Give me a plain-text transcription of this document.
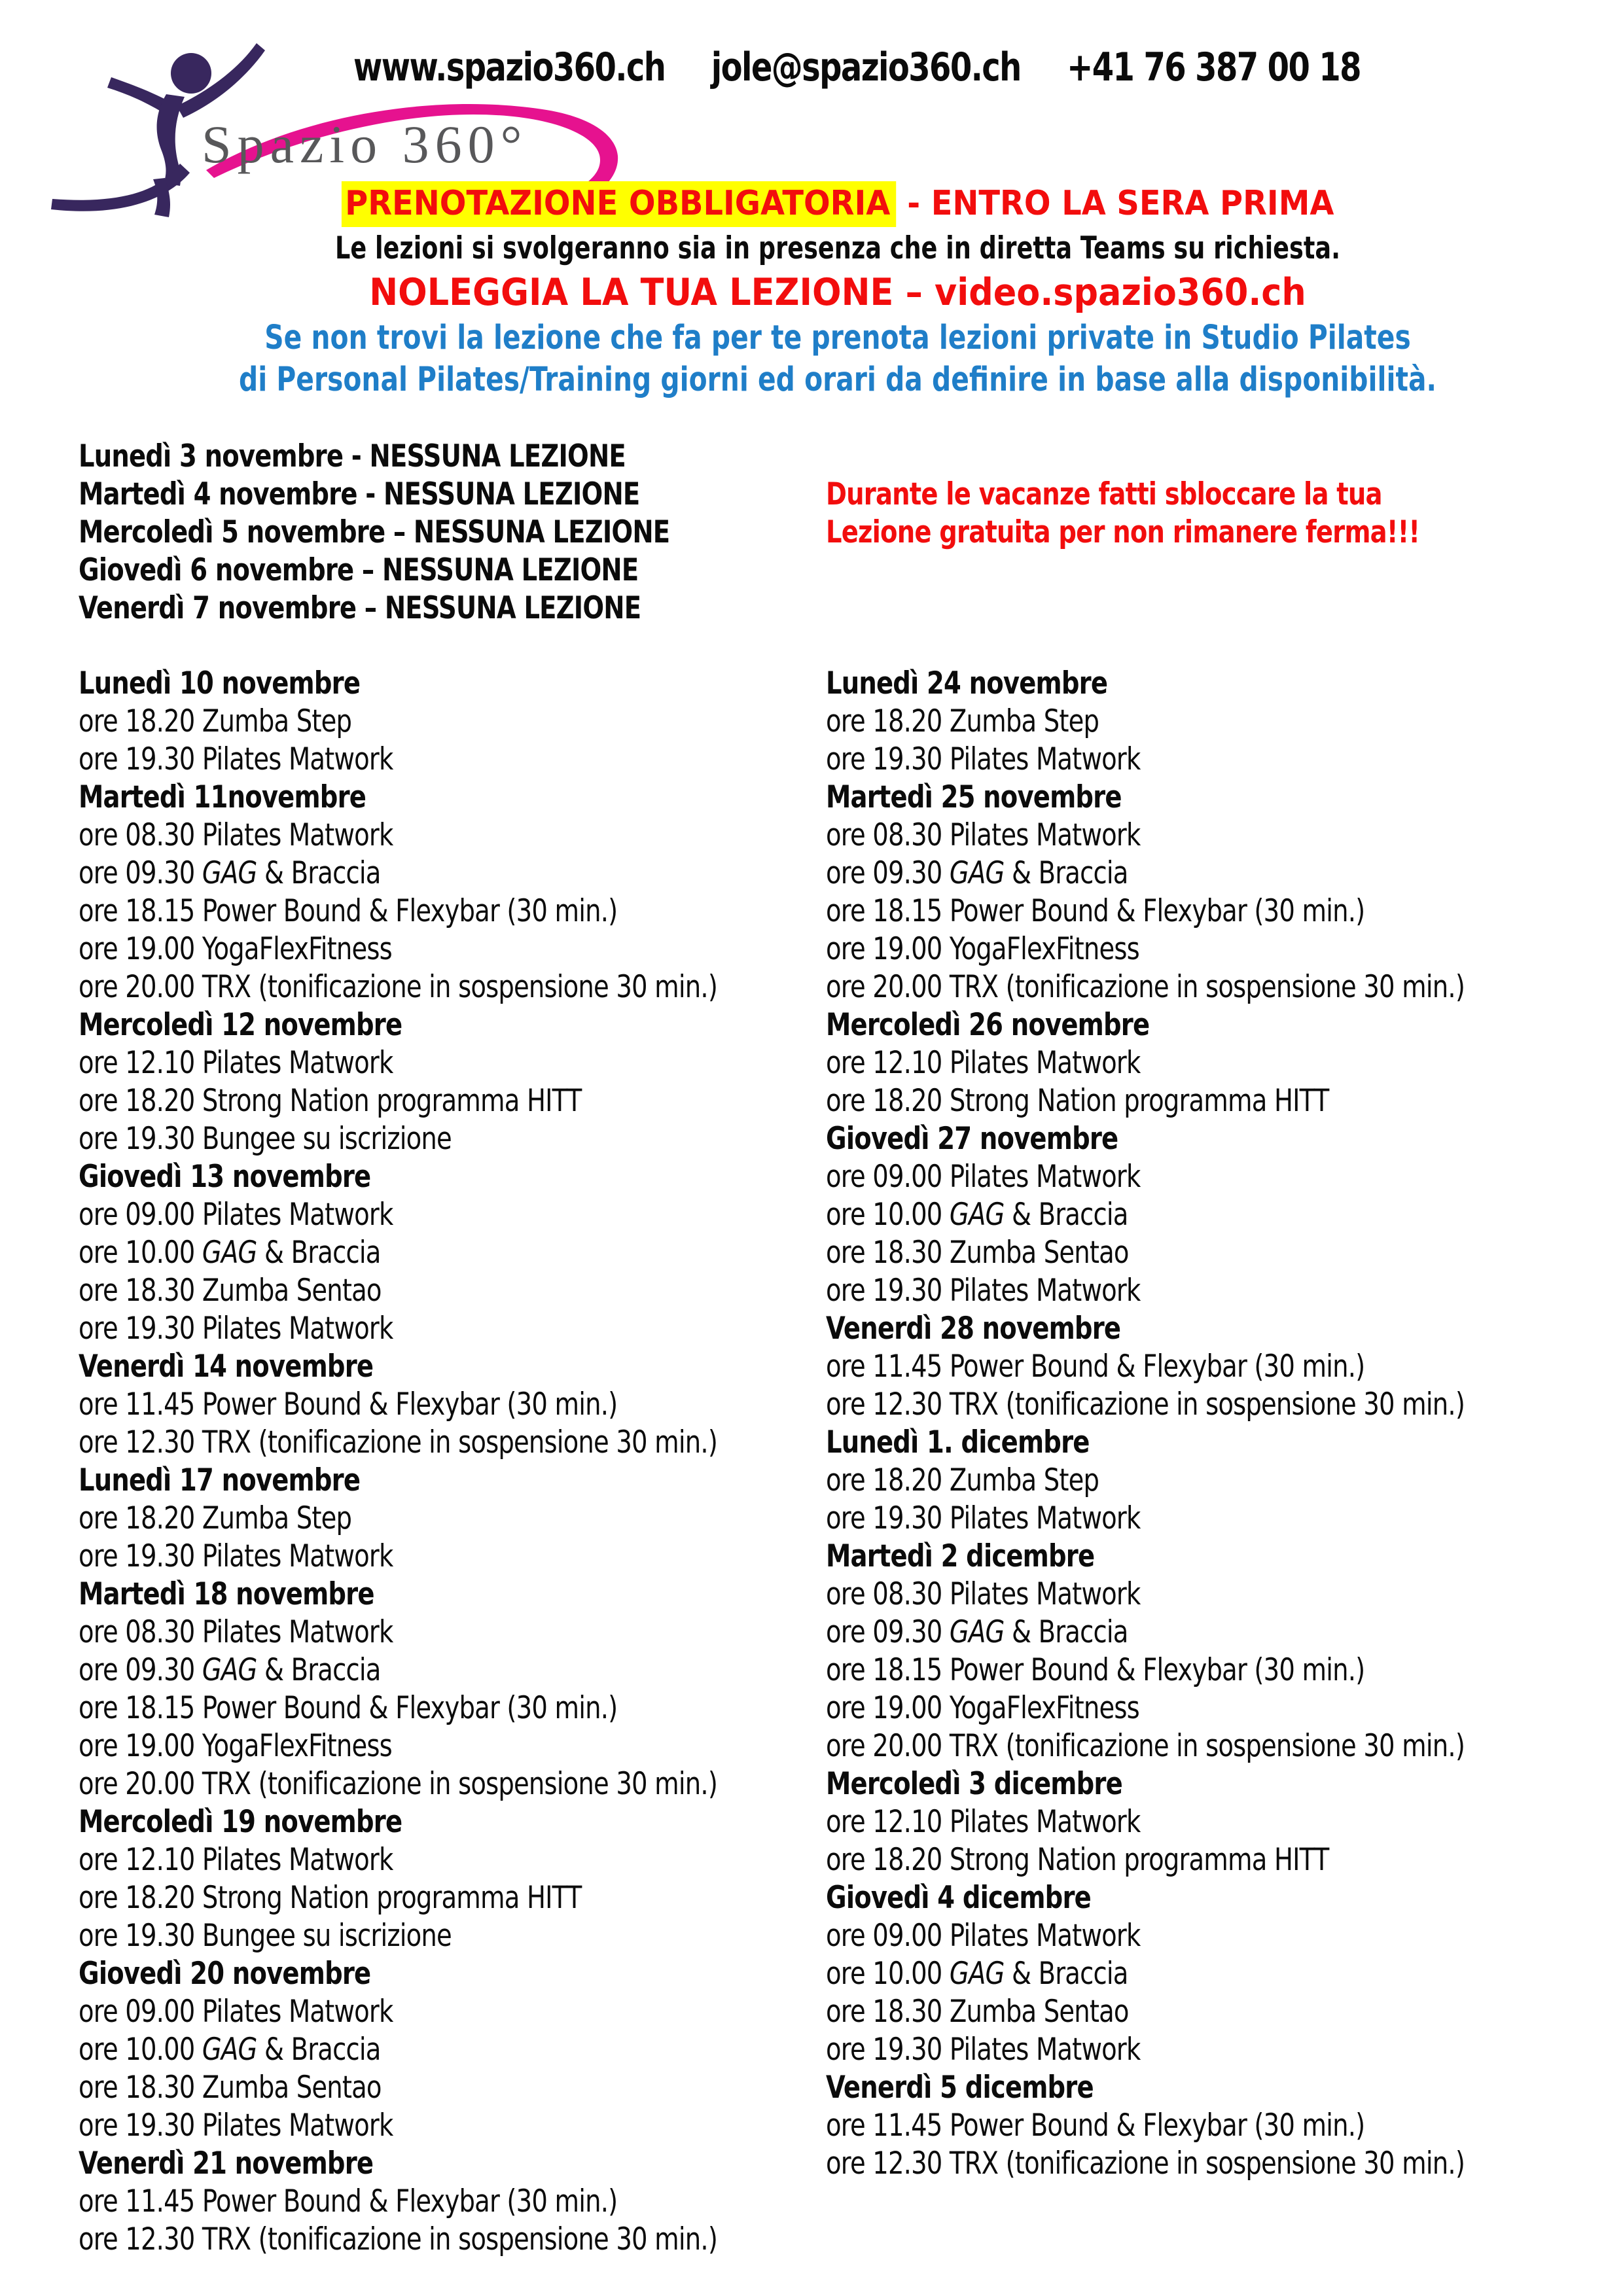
www.spazio360.ch jole@spazio360.ch +41 76 387 00 18
Spazio 360°
PRENOTAZIONE OBBLIGATORIA - ENTRO LA SERA PRIMA
Le lezioni si svolgeranno sia in presenza che in diretta Teams su richiesta.
NOLEGGIA LA TUA LEZIONE – video.spazio360.ch
Se non trovi la lezione che fa per te prenota lezioni private in Studio Pilates
di Personal Pilates/Training giorni ed orari da definire in base alla disponibilità.
Lunedì 3 novembre - NESSUNA LEZIONE
Martedì 4 novembre - NESSUNA LEZIONE
Mercoledì 5 novembre – NESSUNA LEZIONE
Giovedì 6 novembre – NESSUNA LEZIONE
Venerdì 7 novembre – NESSUNA LEZIONE
Durante le vacanze fatti sbloccare la tua
Lezione gratuita per non rimanere ferma!!!
Lunedì 10 novembre
ore 18.20 Zumba Step
ore 19.30 Pilates Matwork
Martedì 11novembre
ore 08.30 Pilates Matwork
ore 09.30 GAG & Braccia
ore 18.15 Power Bound & Flexybar (30 min.)
ore 19.00 YogaFlexFitness
ore 20.00 TRX (tonificazione in sospensione 30 min.)
Mercoledì 12 novembre
ore 12.10 Pilates Matwork
ore 18.20 Strong Nation programma HITT
ore 19.30 Bungee su iscrizione
Giovedì 13 novembre
ore 09.00 Pilates Matwork
ore 10.00 GAG & Braccia
ore 18.30 Zumba Sentao
ore 19.30 Pilates Matwork
Venerdì 14 novembre
ore 11.45 Power Bound & Flexybar (30 min.)
ore 12.30 TRX (tonificazione in sospensione 30 min.)
Lunedì 17 novembre
ore 18.20 Zumba Step
ore 19.30 Pilates Matwork
Martedì 18 novembre
ore 08.30 Pilates Matwork
ore 09.30 GAG & Braccia
ore 18.15 Power Bound & Flexybar (30 min.)
ore 19.00 YogaFlexFitness
ore 20.00 TRX (tonificazione in sospensione 30 min.)
Mercoledì 19 novembre
ore 12.10 Pilates Matwork
ore 18.20 Strong Nation programma HITT
ore 19.30 Bungee su iscrizione
Giovedì 20 novembre
ore 09.00 Pilates Matwork
ore 10.00 GAG & Braccia
ore 18.30 Zumba Sentao
ore 19.30 Pilates Matwork
Venerdì 21 novembre
ore 11.45 Power Bound & Flexybar (30 min.)
ore 12.30 TRX (tonificazione in sospensione 30 min.)
Lunedì 24 novembre
ore 18.20 Zumba Step
ore 19.30 Pilates Matwork
Martedì 25 novembre
ore 08.30 Pilates Matwork
ore 09.30 GAG & Braccia
ore 18.15 Power Bound & Flexybar (30 min.)
ore 19.00 YogaFlexFitness
ore 20.00 TRX (tonificazione in sospensione 30 min.)
Mercoledì 26 novembre
ore 12.10 Pilates Matwork
ore 18.20 Strong Nation programma HITT
Giovedì 27 novembre
ore 09.00 Pilates Matwork
ore 10.00 GAG & Braccia
ore 18.30 Zumba Sentao
ore 19.30 Pilates Matwork
Venerdì 28 novembre
ore 11.45 Power Bound & Flexybar (30 min.)
ore 12.30 TRX (tonificazione in sospensione 30 min.)
Lunedì 1. dicembre
ore 18.20 Zumba Step
ore 19.30 Pilates Matwork
Martedì 2 dicembre
ore 08.30 Pilates Matwork
ore 09.30 GAG & Braccia
ore 18.15 Power Bound & Flexybar (30 min.)
ore 19.00 YogaFlexFitness
ore 20.00 TRX (tonificazione in sospensione 30 min.)
Mercoledì 3 dicembre
ore 12.10 Pilates Matwork
ore 18.20 Strong Nation programma HITT
Giovedì 4 dicembre
ore 09.00 Pilates Matwork
ore 10.00 GAG & Braccia
ore 18.30 Zumba Sentao
ore 19.30 Pilates Matwork
Venerdì 5 dicembre
ore 11.45 Power Bound & Flexybar (30 min.)
ore 12.30 TRX (tonificazione in sospensione 30 min.)
